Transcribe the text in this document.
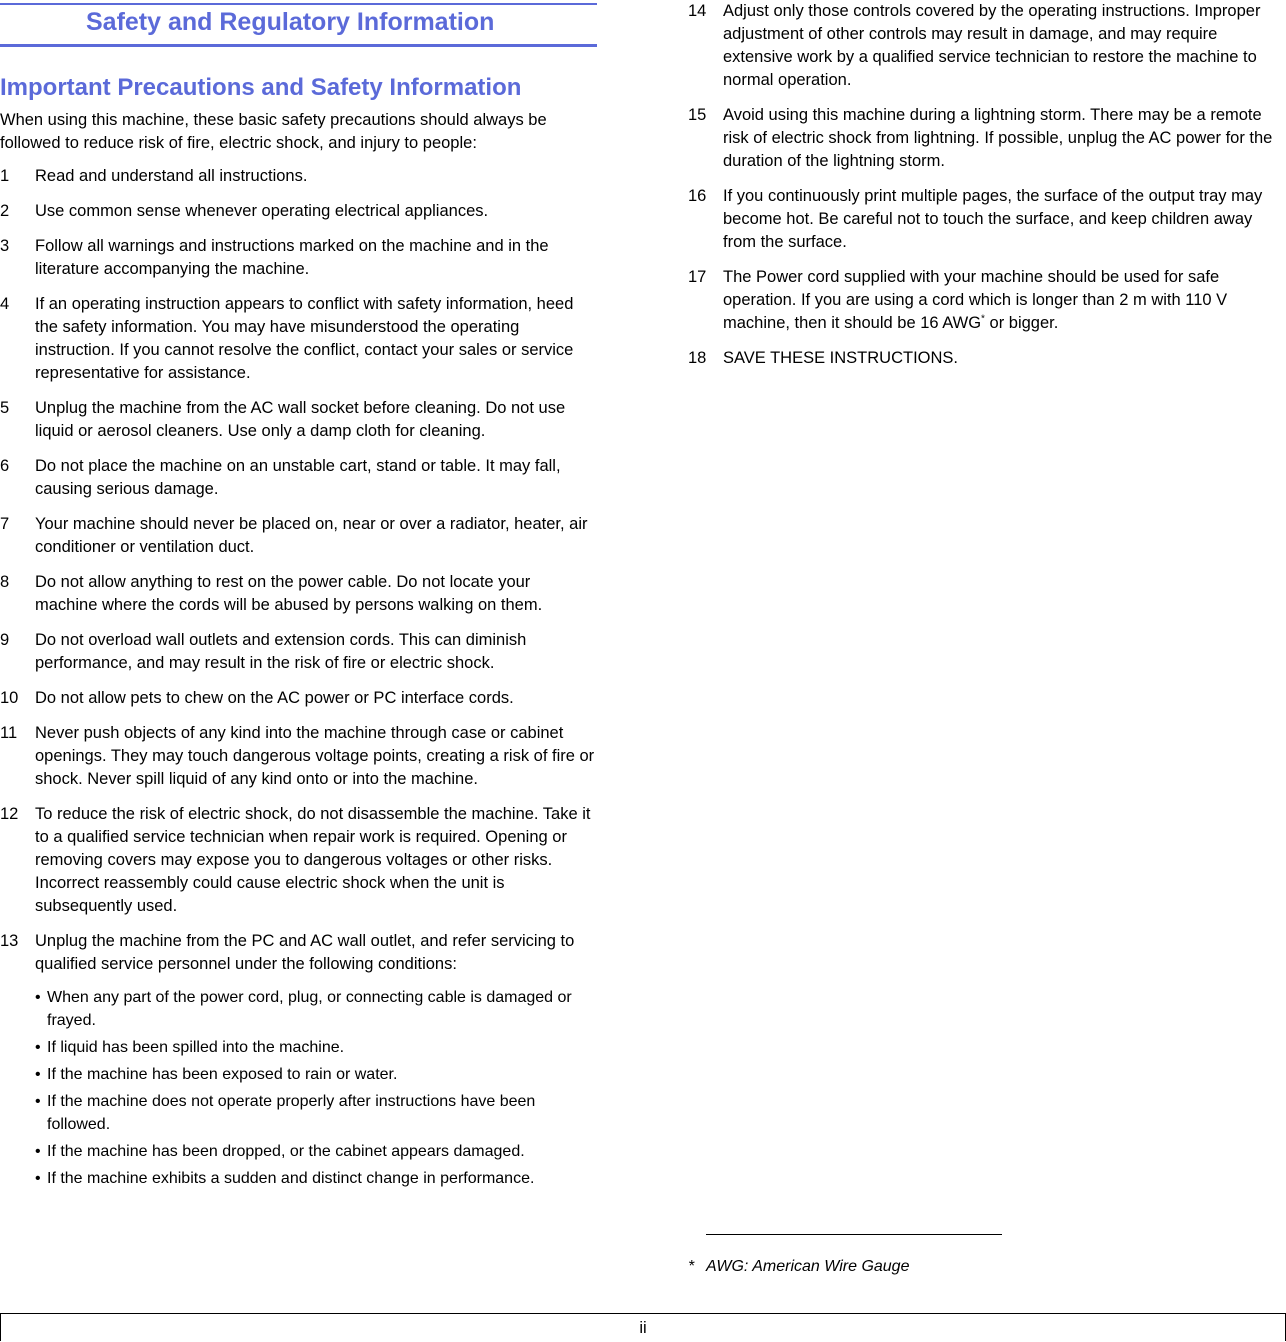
Safety and Regulatory Information
Important Precautions and Safety Information

When using this machine, these basic safety precautions should always be followed to reduce risk of fire, electric shock, and injury to people:

1 Read and understand all instructions.
2 Use common sense whenever operating electrical appliances.
3 Follow all warnings and instructions marked on the machine and in the literature accompanying the machine.
4 If an operating instruction appears to conflict with safety information, heed the safety information. You may have misunderstood the operating instruction. If you cannot resolve the conflict, contact your sales or service representative for assistance.
5 Unplug the machine from the AC wall socket before cleaning. Do not use liquid or aerosol cleaners. Use only a damp cloth for cleaning.
6 Do not place the machine on an unstable cart, stand or table. It may fall, causing serious damage.
7 Your machine should never be placed on, near or over a radiator, heater, air conditioner or ventilation duct.
8 Do not allow anything to rest on the power cable. Do not locate your machine where the cords will be abused by persons walking on them.
9 Do not overload wall outlets and extension cords. This can diminish performance, and may result in the risk of fire or electric shock.
10 Do not allow pets to chew on the AC power or PC interface cords.
11 Never push objects of any kind into the machine through case or cabinet openings. They may touch dangerous voltage points, creating a risk of fire or shock. Never spill liquid of any kind onto or into the machine.
12 To reduce the risk of electric shock, do not disassemble the machine. Take it to a qualified service technician when repair work is required. Opening or removing covers may expose you to dangerous voltages or other risks. Incorrect reassembly could cause electric shock when the unit is subsequently used.
13 Unplug the machine from the PC and AC wall outlet, and refer servicing to qualified service personnel under the following conditions:
• When any part of the power cord, plug, or connecting cable is damaged or frayed.
• If liquid has been spilled into the machine.
• If the machine has been exposed to rain or water.
• If the machine does not operate properly after instructions have been followed.
• If the machine has been dropped, or the cabinet appears damaged.
• If the machine exhibits a sudden and distinct change in performance.
14 Adjust only those controls covered by the operating instructions. Improper adjustment of other controls may result in damage, and may require extensive work by a qualified service technician to restore the machine to normal operation.
15 Avoid using this machine during a lightning storm. There may be a remote risk of electric shock from lightning. If possible, unplug the AC power for the duration of the lightning storm.
16 If you continuously print multiple pages, the surface of the output tray may become hot. Be careful not to touch the surface, and keep children away from the surface.
17 The Power cord supplied with your machine should be used for safe operation. If you are using a cord which is longer than 2 m with 110 V machine, then it should be 16 AWG* or bigger.
18 SAVE THESE INSTRUCTIONS.
* AWG: American Wire Gauge
ii
